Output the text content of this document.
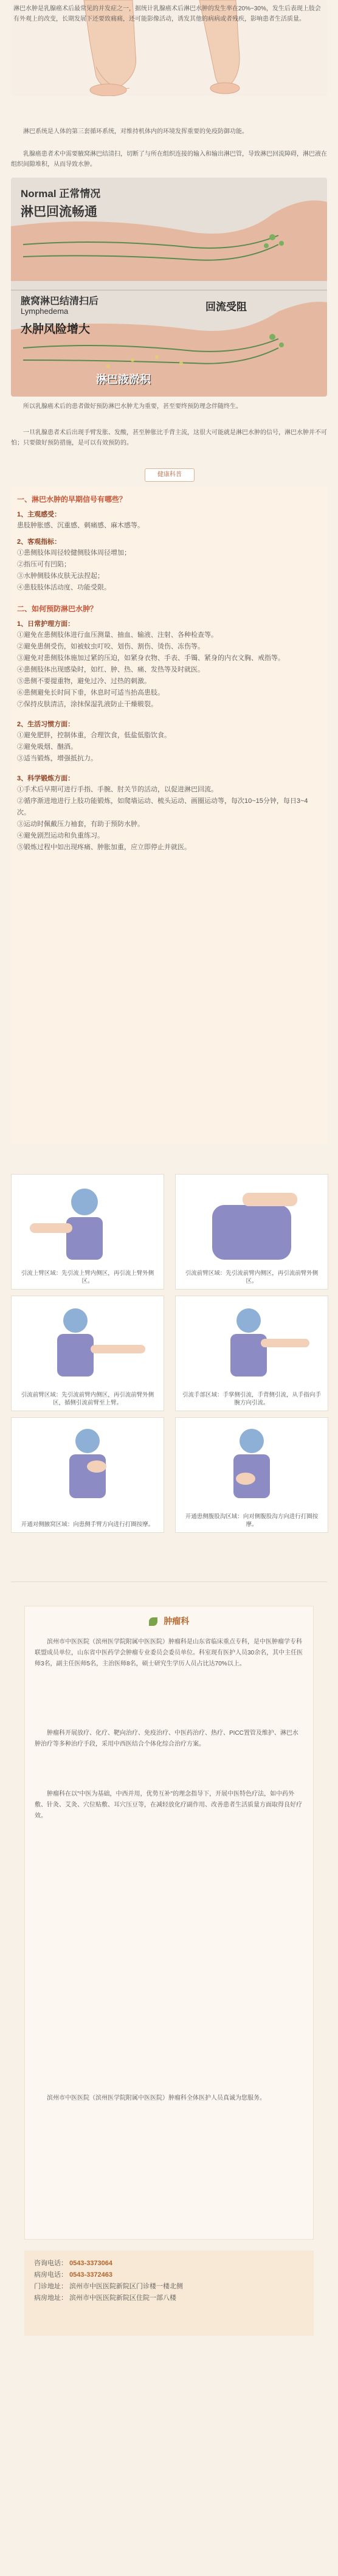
淋巴水肿是乳腺癌术后最常见的并发症之一，据统计乳腺癌术后淋巴水肿的发生率在20%~30%，发生后表现上肢会有外观上的改变，长期发展下还要致痛痛，还可能影像活动，诱发其他的病病或者残疾，影响患者生活质量。
淋巴系统是人体的第三套循环系统，对维持机体内的环境发挥重要的免疫防御功能。
乳腺癌患者术中需要腋窝淋巴结清扫，切断了与所在组织连接的输入和输出淋巴管，导致淋巴回流障碍，淋巴液在组织间隙堆积，从而导致水肿。
Normal 正常情况
淋巴回流畅通
腋窝淋巴结清扫后
Lymphedema
水肿风险增大
回流受阻
淋巴液淤积
所以乳腺癌术后的患者做好预防淋巴水肿尤为重要，甚至要终预防理念伴随终生。
一旦乳腺患者术后出现手臂发胀、发酸，甚至肿胀比手背主流，这很大可能就是淋巴水肿的信号，淋巴水肿并不可怕；只要做好预防措施，是可以有效预防的。
健康科普
一、淋巴水肿的早期信号有哪些？
1、主观感受：
患肢肿胀感、沉重感、刺痛感、麻木感等。
2、客观指标：
①患侧肢体周径较健侧肢体周径增加；
②指压可有凹陷；
③水肿侧肢体皮肤无法捏起；
④患肢肢体活动度、功能受限。
二、如何预防淋巴水肿？
1、日常护理方面：
①避免在患侧肢体进行血压测量、抽血、输液、注射、各种检查等。
②避免患侧受伤，如被蚊虫叮咬、划伤、割伤、烫伤、冻伤等。
③避免对患侧肢体施加过紧的压迫，如紧身衣物、手表、手镯、紧身的内衣文胸、戒指等。
④患侧肢体出现感染时，如红、肿、热、痛、发热等及时就医。
⑤患侧不要提重物，避免过冷、过热的刺激。
⑥患侧避免长时间下垂，休息时可适当抬高患肢。
⑦保持皮肤清洁，涂抹保湿乳液防止干燥皲裂。
2、生活习惯方面：
①避免肥胖，控制体重，合理饮食，低盐低脂饮食。
②避免吸烟、酗酒。
③适当锻炼，增强抵抗力。
3、科学锻炼方面：
①手术后早期可进行手指、手腕、肘关节的活动，以促进淋巴回流。
②循序渐进地进行上肢功能锻炼，如爬墙运动、梳头运动、画圈运动等，每次10~15分钟，每日3~4次。
③运动时佩戴压力袖套，有助于预防水肿。
④避免剧烈运动和负重练习。
⑤锻炼过程中如出现疼痛、肿胀加重，应立即停止并就医。
引流上臂区域：先引流上臂内侧区，再引流上臂外侧区。
引流前臂区域：先引流前臂内侧区，再引流前臂外侧区。
引流前臂区域：先引流前臂内侧区，再引流前臂外侧区，循侧引流前臂至上臂。
引流手部区域：手掌侧引流，手背侧引流，从手指向手腕方向引流。
开通对侧腋窝区域：向患侧手臂方向进行打圈按摩。
开通患侧腹股沟区域：向对侧腹股沟方向进行打圈按摩。
肿瘤科
滨州市中医医院（滨州医学院附属中医医院）肿瘤科是山东省临床重点专科，是中医肿瘤学专科联盟成员单位，山东省中医药学会肿瘤专业委员会委员单位。科室现有医护人员30余名，其中主任医师3名，副主任医师5名，主治医师8名，硕士研究生学历人员占比达70%以上。
肿瘤科开展放疗、化疗、靶向治疗、免疫治疗、中医药治疗、热疗、PICC置管及维护、淋巴水肿治疗等多种治疗手段，采用中西医结合个体化综合治疗方案。
肿瘤科在以"中医为基础，中西并用，优势互补"的理念指导下，开展中医特色疗法，如中药外敷、针灸、艾灸、穴位贴敷、耳穴压豆等，在减轻放化疗副作用、改善患者生活质量方面取得良好疗效。
滨州市中医医院（滨州医学院附属中医医院）肿瘤科全体医护人员真诚为您服务。
咨询电话： 0543-3373064
病房电话： 0543-3372463
门诊地址： 滨州市中医医院新院区门诊楼一楼北侧
病房地址： 滨州市中医医院新院区住院一部八楼
